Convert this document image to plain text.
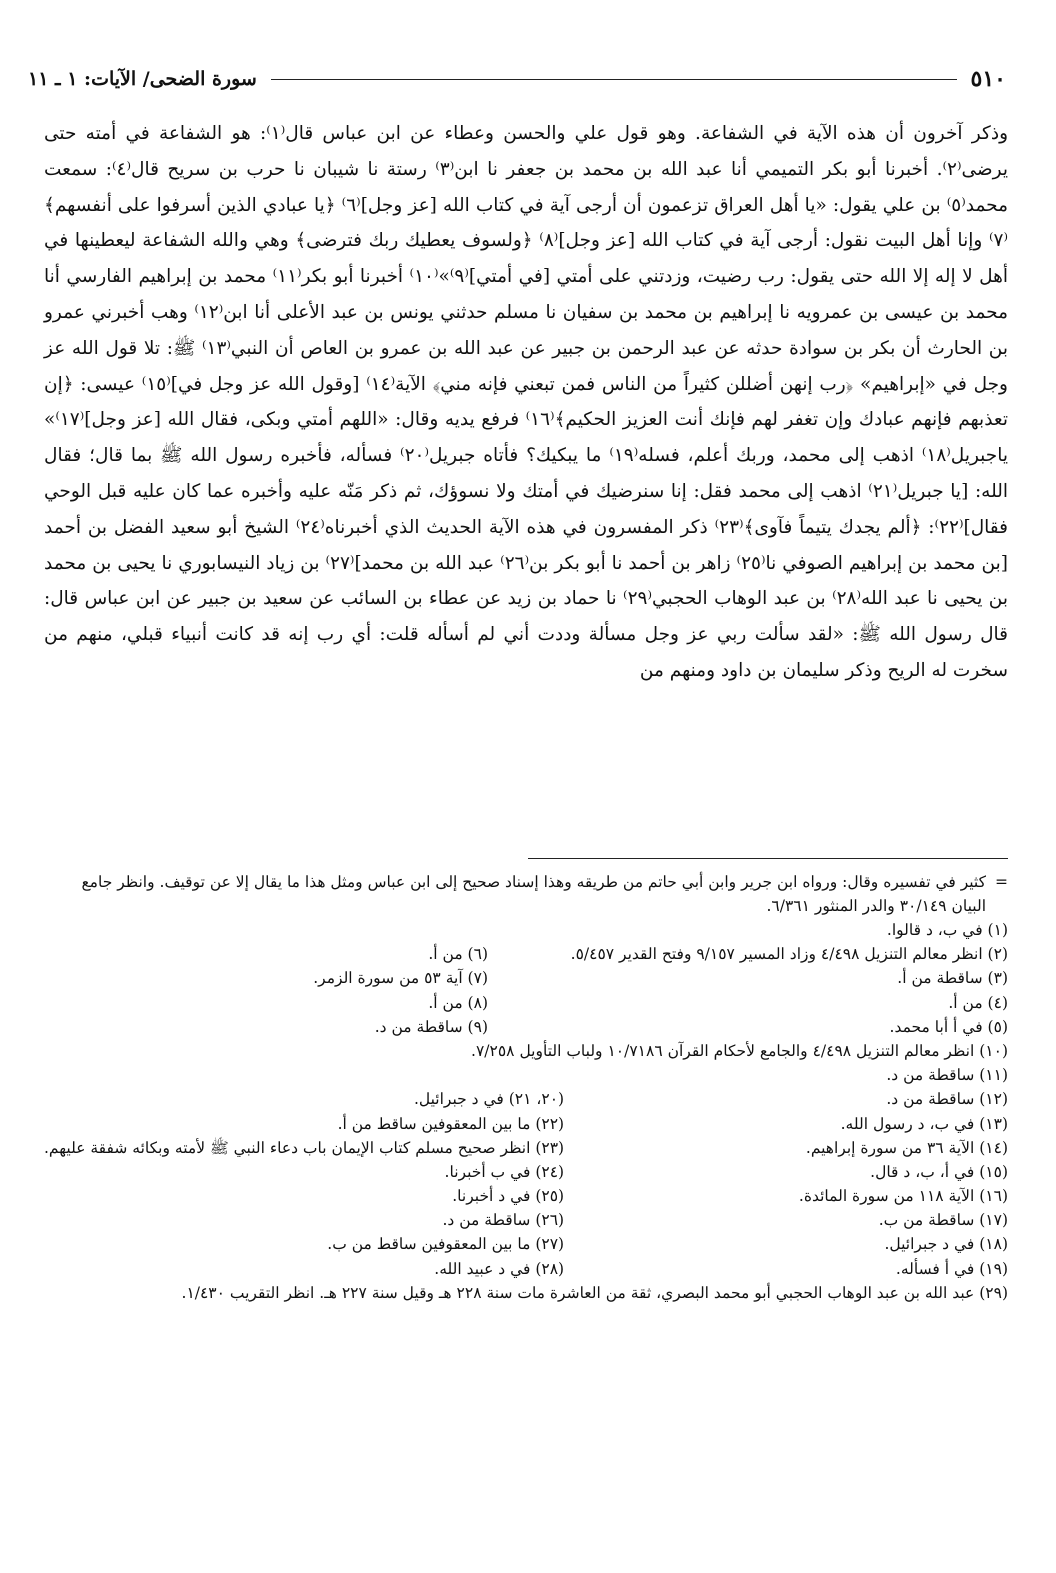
٥١٠
سورة الضحى/ الآيات: ١ ـ ١١

وذكر آخرون أن هذه الآية في الشفاعة. وهو قول علي والحسن وعطاء عن ابن عباس قال⁽١⁾: هو الشفاعة في أمته حتى يرضى⁽٢⁾. أخبرنا أبو بكر التميمي أنا عبد الله بن محمد بن جعفر نا ابن⁽٣⁾ رستة نا شيبان نا حرب بن سريح قال⁽٤⁾: سمعت محمد⁽٥⁾ بن علي يقول: «يا أهل العراق تزعمون أن أرجى آية في كتاب الله [عز وجل]⁽٦⁾ ﴿يا عبادي الذين أسرفوا على أنفسهم﴾⁽٧⁾ وإنا أهل البيت نقول: أرجى آية في كتاب الله [عز وجل]⁽٨⁾ ﴿ولسوف يعطيك ربك فترضى﴾ وهي والله الشفاعة ليعطينها في أهل لا إله إلا الله حتى يقول: رب رضيت، وزدتني على أمتي [في أمتي]⁽٩⁾»⁽١٠⁾ أخبرنا أبو بكر⁽١١⁾ محمد بن إبراهيم الفارسي أنا محمد بن عيسى بن عمرويه نا إبراهيم بن محمد بن سفيان نا مسلم حدثني يونس بن عبد الأعلى أنا ابن⁽١٢⁾ وهب أخبرني عمرو بن الحارث أن بكر بن سوادة حدثه عن عبد الرحمن بن جبير عن عبد الله بن عمرو بن العاص أن النبي⁽١٣⁾ ﷺ: تلا قول الله عز وجل في «إبراهيم» ﴿رب إنهن أضللن كثيراً من الناس فمن تبعني فإنه مني﴾ الآية⁽١٤⁾ [وقول الله عز وجل في]⁽١٥⁾ عيسى: ﴿إن تعذبهم فإنهم عبادك وإن تغفر لهم فإنك أنت العزيز الحكيم﴾⁽١٦⁾ فرفع يديه وقال: «اللهم أمتي وبكى، فقال الله [عز وجل]⁽١٧⁾» ياجبريل⁽١٨⁾ اذهب إلى محمد، وربك أعلم، فسله⁽١٩⁾ ما يبكيك؟ فأتاه جبريل⁽٢٠⁾ فسأله، فأخبره رسول الله ﷺ بما قال؛ فقال الله: [يا جبريل⁽٢١⁾ اذهب إلى محمد فقل: إنا سنرضيك في أمتك ولا نسوؤك، ثم ذكر مَنّه عليه وأخبره عما كان عليه قبل الوحي فقال]⁽٢٢⁾: ﴿ألم يجدك يتيماً فآوى﴾⁽٢٣⁾ ذكر المفسرون في هذه الآية الحديث الذي أخبرناه⁽٢٤⁾ الشيخ أبو سعيد الفضل بن أحمد [بن محمد بن إبراهيم الصوفي نا⁽٢٥⁾ زاهر بن أحمد نا أبو بكر بن⁽٢٦⁾ عبد الله بن محمد]⁽٢٧⁾ بن زياد النيسابوري نا يحيى بن محمد بن يحيى نا عبد الله⁽٢٨⁾ بن عبد الوهاب الحجبي⁽٢٩⁾ نا حماد بن زيد عن عطاء بن السائب عن سعيد بن جبير عن ابن عباس قال: قال رسول الله ﷺ: «لقد سألت ربي عز وجل مسألة وددت أني لم أسأله قلت: أي رب إنه قد كانت أنبياء قبلي، منهم من سخرت له الريح وذكر سليمان بن داود ومنهم من

=
كثير في تفسيره وقال: ورواه ابن جرير وابن أبي حاتم من طريقه وهذا إسناد صحيح إلى ابن عباس ومثل هذا ما يقال إلا عن توقيف. وانظر جامع البيان ٣٠/١٤٩ والدر المنثور ٦/٣٦١.

(١) في ب، د قالوا.

(٢) انظر معالم التنزيل ٤/٤٩٨ وزاد المسير ٩/١٥٧ وفتح القدير ٥/٤٥٧.

(٣) ساقطة من أ.

(٤) من أ.

(٥) في أ أبا محمد.

(٦) من أ.

(٧) آية ٥٣ من سورة الزمر.

(٨) من أ.

(٩) ساقطة من د.

(١٠) انظر معالم التنزيل ٤/٤٩٨ والجامع لأحكام القرآن ١٠/٧١٨٦ ولباب التأويل ٧/٢٥٨.

(١١) ساقطة من د.

(١٢) ساقطة من د.

(١٣) في ب، د رسول الله.

(١٤) الآية ٣٦ من سورة إبراهيم.

(١٥) في أ، ب، د قال.

(١٦) الآية ١١٨ من سورة المائدة.

(١٧) ساقطة من ب.

(١٨) في د جبرائيل.

(١٩) في أ فسأله.

(٢٠، ٢١) في د جبرائيل.

(٢٢) ما بين المعقوفين ساقط من أ.

(٢٣) انظر صحيح مسلم كتاب الإيمان باب دعاء النبي ﷺ لأمته وبكائه شفقة عليهم.

(٢٤) في ب أخبرنا.

(٢٥) في د أخبرنا.

(٢٦) ساقطة من د.

(٢٧) ما بين المعقوفين ساقط من ب.

(٢٨) في د عبيد الله.

(٢٩) عبد الله بن عبد الوهاب الحجبي أبو محمد البصري، ثقة من العاشرة مات سنة ٢٢٨ هـ وقيل سنة ٢٢٧ هـ. انظر التقريب ١/٤٣٠.
